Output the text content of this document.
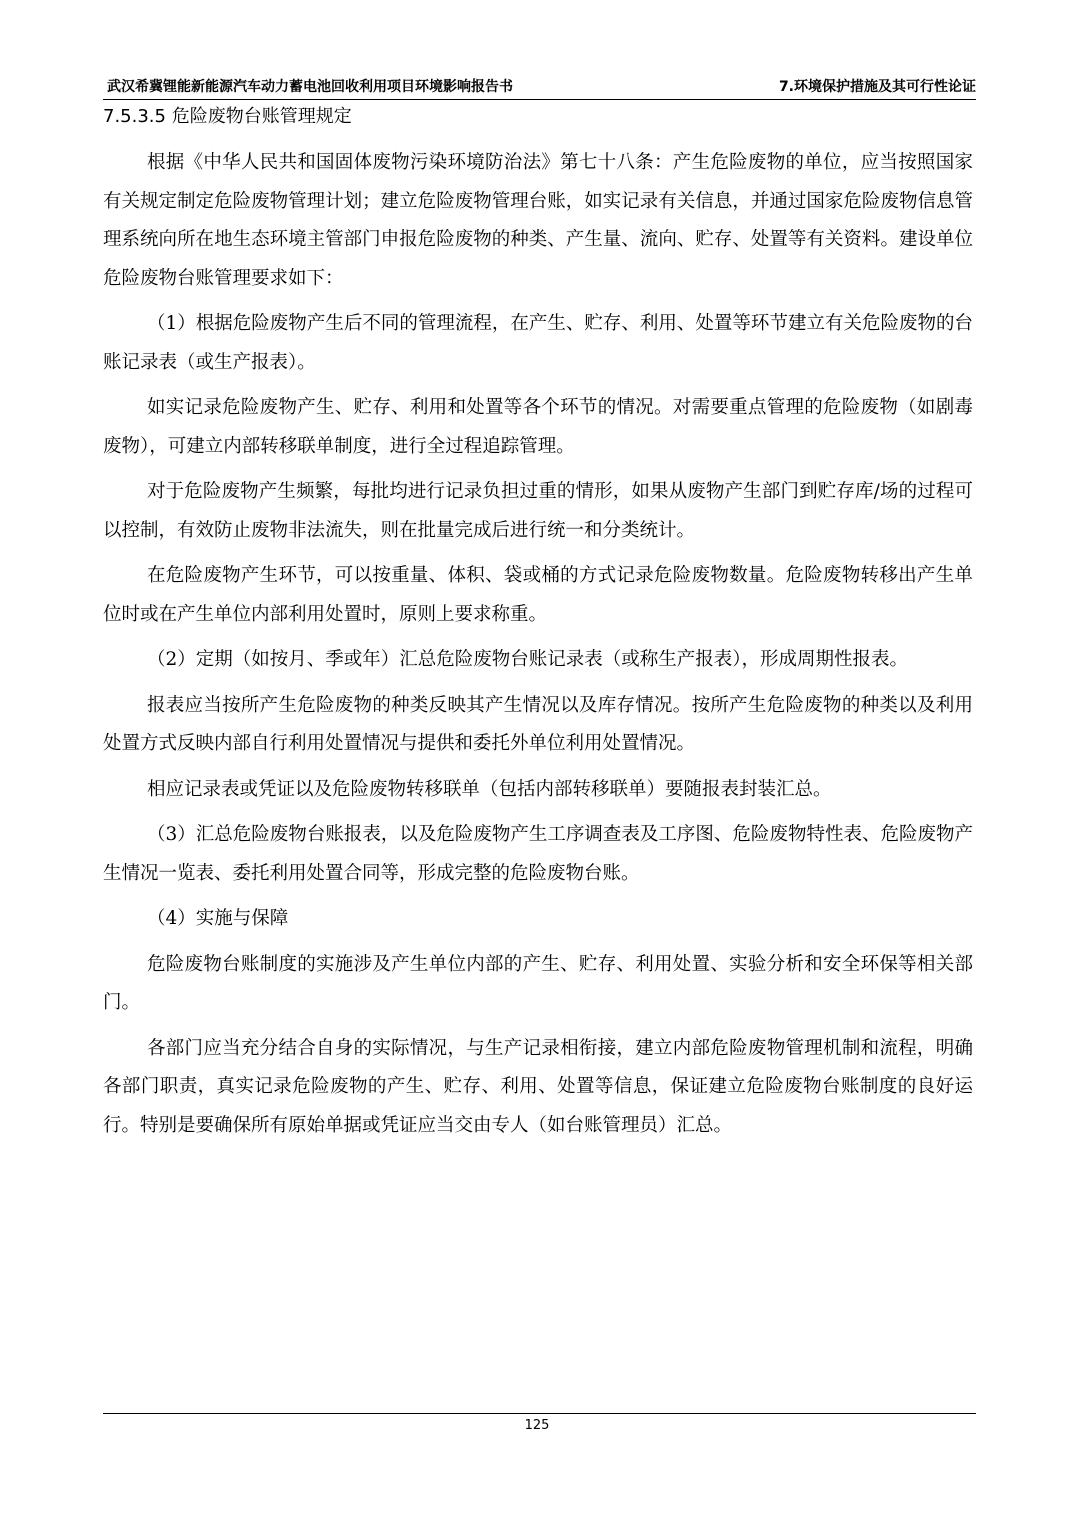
武汉希冀锂能新能源汽车动力蓄电池回收利用项目环境影响报告书	7.环境保护措施及其可行性论证
7.5.3.5 危险废物台账管理规定

根据《中华人民共和国固体废物污染环境防治法》第七十八条：产生危险废物的单位，应当按照国家有关规定制定危险废物管理计划；建立危险废物管理台账，如实记录有关信息，并通过国家危险废物信息管理系统向所在地生态环境主管部门申报危险废物的种类、产生量、流向、贮存、处置等有关资料。建设单位危险废物台账管理要求如下：

（1）根据危险废物产生后不同的管理流程，在产生、贮存、利用、处置等环节建立有关危险废物的台账记录表（或生产报表）。

如实记录危险废物产生、贮存、利用和处置等各个环节的情况。对需要重点管理的危险废物（如剧毒废物），可建立内部转移联单制度，进行全过程追踪管理。

对于危险废物产生频繁，每批均进行记录负担过重的情形，如果从废物产生部门到贮存库/场的过程可以控制，有效防止废物非法流失，则在批量完成后进行统一和分类统计。

在危险废物产生环节，可以按重量、体积、袋或桶的方式记录危险废物数量。危险废物转移出产生单位时或在产生单位内部利用处置时，原则上要求称重。

（2）定期（如按月、季或年）汇总危险废物台账记录表（或称生产报表），形成周期性报表。

报表应当按所产生危险废物的种类反映其产生情况以及库存情况。按所产生危险废物的种类以及利用处置方式反映内部自行利用处置情况与提供和委托外单位利用处置情况。

相应记录表或凭证以及危险废物转移联单（包括内部转移联单）要随报表封装汇总。

（3）汇总危险废物台账报表，以及危险废物产生工序调查表及工序图、危险废物特性表、危险废物产生情况一览表、委托利用处置合同等，形成完整的危险废物台账。

（4）实施与保障

危险废物台账制度的实施涉及产生单位内部的产生、贮存、利用处置、实验分析和安全环保等相关部门。

各部门应当充分结合自身的实际情况，与生产记录相衔接，建立内部危险废物管理机制和流程，明确各部门职责，真实记录危险废物的产生、贮存、利用、处置等信息，保证建立危险废物台账制度的良好运行。特别是要确保所有原始单据或凭证应当交由专人（如台账管理员）汇总。

125
